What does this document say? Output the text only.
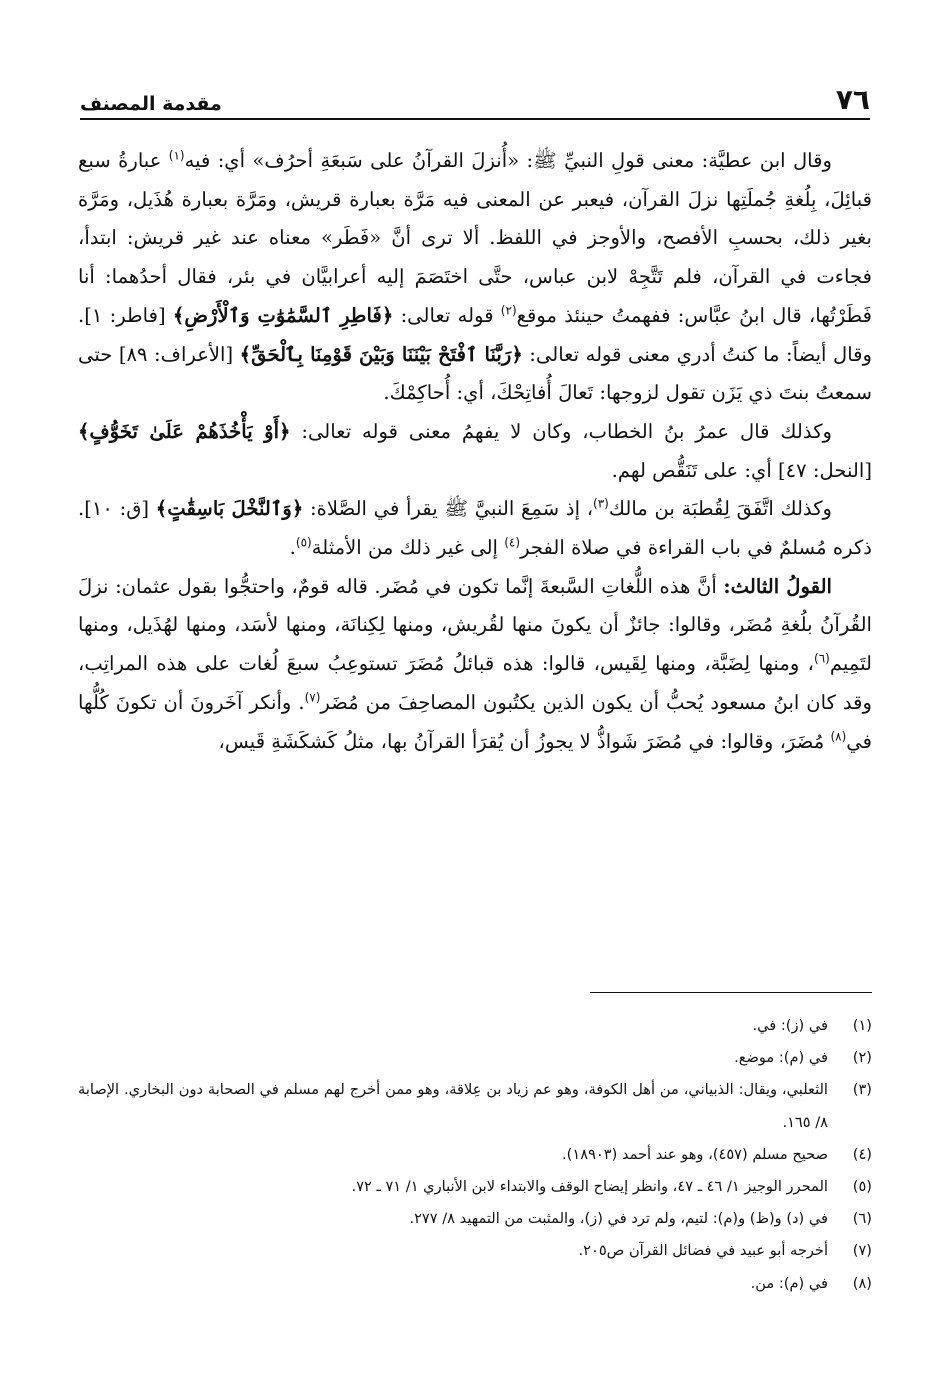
٧٦
مقدمة المصنف

وقال ابن عطيَّة: معنى قولِ النبيِّ ﷺ: «أُنزلَ القرآنُ على سَبعَةِ أحرُف» أي: فيه$^{(١)}$ عبارةُ سبع قبائِلَ، بِلُغةِ جُملَتِها نزلَ القرآن، فيعبر عن المعنى فيه مَرَّة بعبارة قريش، ومَرَّة بعبارة هُذَيل، ومَرَّة بغير ذلك، بحسبِ الأفصح، والأوجز في اللفظ. ألا ترى أنَّ «فَطَر» معناه عند غير قريش: ابتدأ، فجاءت في القرآن، فلم تَتَّجِهْ لابن عباس، حتَّى اختَصَمَ إليه أعرابيَّان في بئر، فقال أحدُهما: أنا فَطَرْتُها، قال ابنُ عبَّاس: ففهمتُ حينئذ موقع$^{(٢)}$ قوله تعالى: ﴿فَاطِرِ ٱلسَّمَٰوَٰتِ وَٱلْأَرْضِ﴾ [فاطر: ١]. وقال أيضاً: ما كنتُ أدري معنى قوله تعالى: ﴿رَبَّنَا ٱفْتَحْ بَيْنَنَا وَبَيْنَ قَوْمِنَا بِٱلْحَقِّ﴾ [الأعراف: ٨٩] حتى سمعتُ بنتَ ذي يَزَن تقول لزوجها: تَعالَ أُفاتِحْكَ، أي: أُحاكِمْكَ.

وكذلك قال عمرُ بنُ الخطاب، وكان لا يفهمُ معنى قوله تعالى: ﴿أَوْ يَأْخُذَهُمْ عَلَىٰ تَخَوُّفٍ﴾ [النحل: ٤٧] أي: على تَنَقُّص لهم.

وكذلك اتَّفَقَ لِقُطبَة بن مالك$^{(٣)}$، إذ سَمِعَ النبيَّ ﷺ يقرأ في الصَّلاة: ﴿وَٱلنَّخْلَ بَاسِقَٰتٍ﴾ [ق: ١٠]. ذكره مُسلمٌ في باب القراءة في صلاة الفجر$^{(٤)}$ إلى غير ذلك من الأمثلة$^{(٥)}$.

القولُ الثالث: أنَّ هذه اللُّغاتِ السَّبعةَ إنَّما تكون في مُضَر. قاله قومٌ، واحتجُّوا بقول عثمان: نزلَ القُرآنُ بلُغةِ مُضَر، وقالوا: جائزٌ أن يكونَ منها لقُريش، ومنها لِكِنانَة، ومنها لأسَد، ومنها لهُذَيل، ومنها لتَمِيم$^{(٦)}$، ومنها لِضَبَّة، ومنها لِقَيس، قالوا: هذه قبائلُ مُضَرَ تستوعِبُ سبعَ لُغات على هذه المراتِب، وقد كان ابنُ مسعود يُحبُّ أن يكون الذين يكتُبون المصاحِفَ من مُضَر$^{(٧)}$. وأنكر آخَرونَ أن تكونَ كُلُّها في$^{(٨)}$ مُضَرَ، وقالوا: في مُضَرَ شَواذُّ لا يجوزُ أن يُقرَأ القرآنُ بها، مثلُ كَشكَشَةِ قَيس،

(١)
في (ز): في.
(٢)
في (م): موضع.
(٣)
الثعلبي، ويقال: الذبياني، من أهل الكوفة، وهو عم زياد بن عِلاقة، وهو ممن أخرج لهم مسلم في الصحابة دون البخاري. الإصابة ٨/ ١٦٥.
(٤)
صحيح مسلم (٤٥٧)، وهو عند أحمد (١٨٩٠٣).
(٥)
المحرر الوجيز ١/ ٤٦ ـ ٤٧، وانظر إيضاح الوقف والابتداء لابن الأنباري ١/ ٧١ ـ ٧٢.
(٦)
في (د) و(ظ) و(م): لتيم، ولم ترد في (ز)، والمثبت من التمهيد ٨/ ٢٧٧.
(٧)
أخرجه أبو عبيد في فضائل القرآن ص٢٠٥.
(٨)
في (م): من.
